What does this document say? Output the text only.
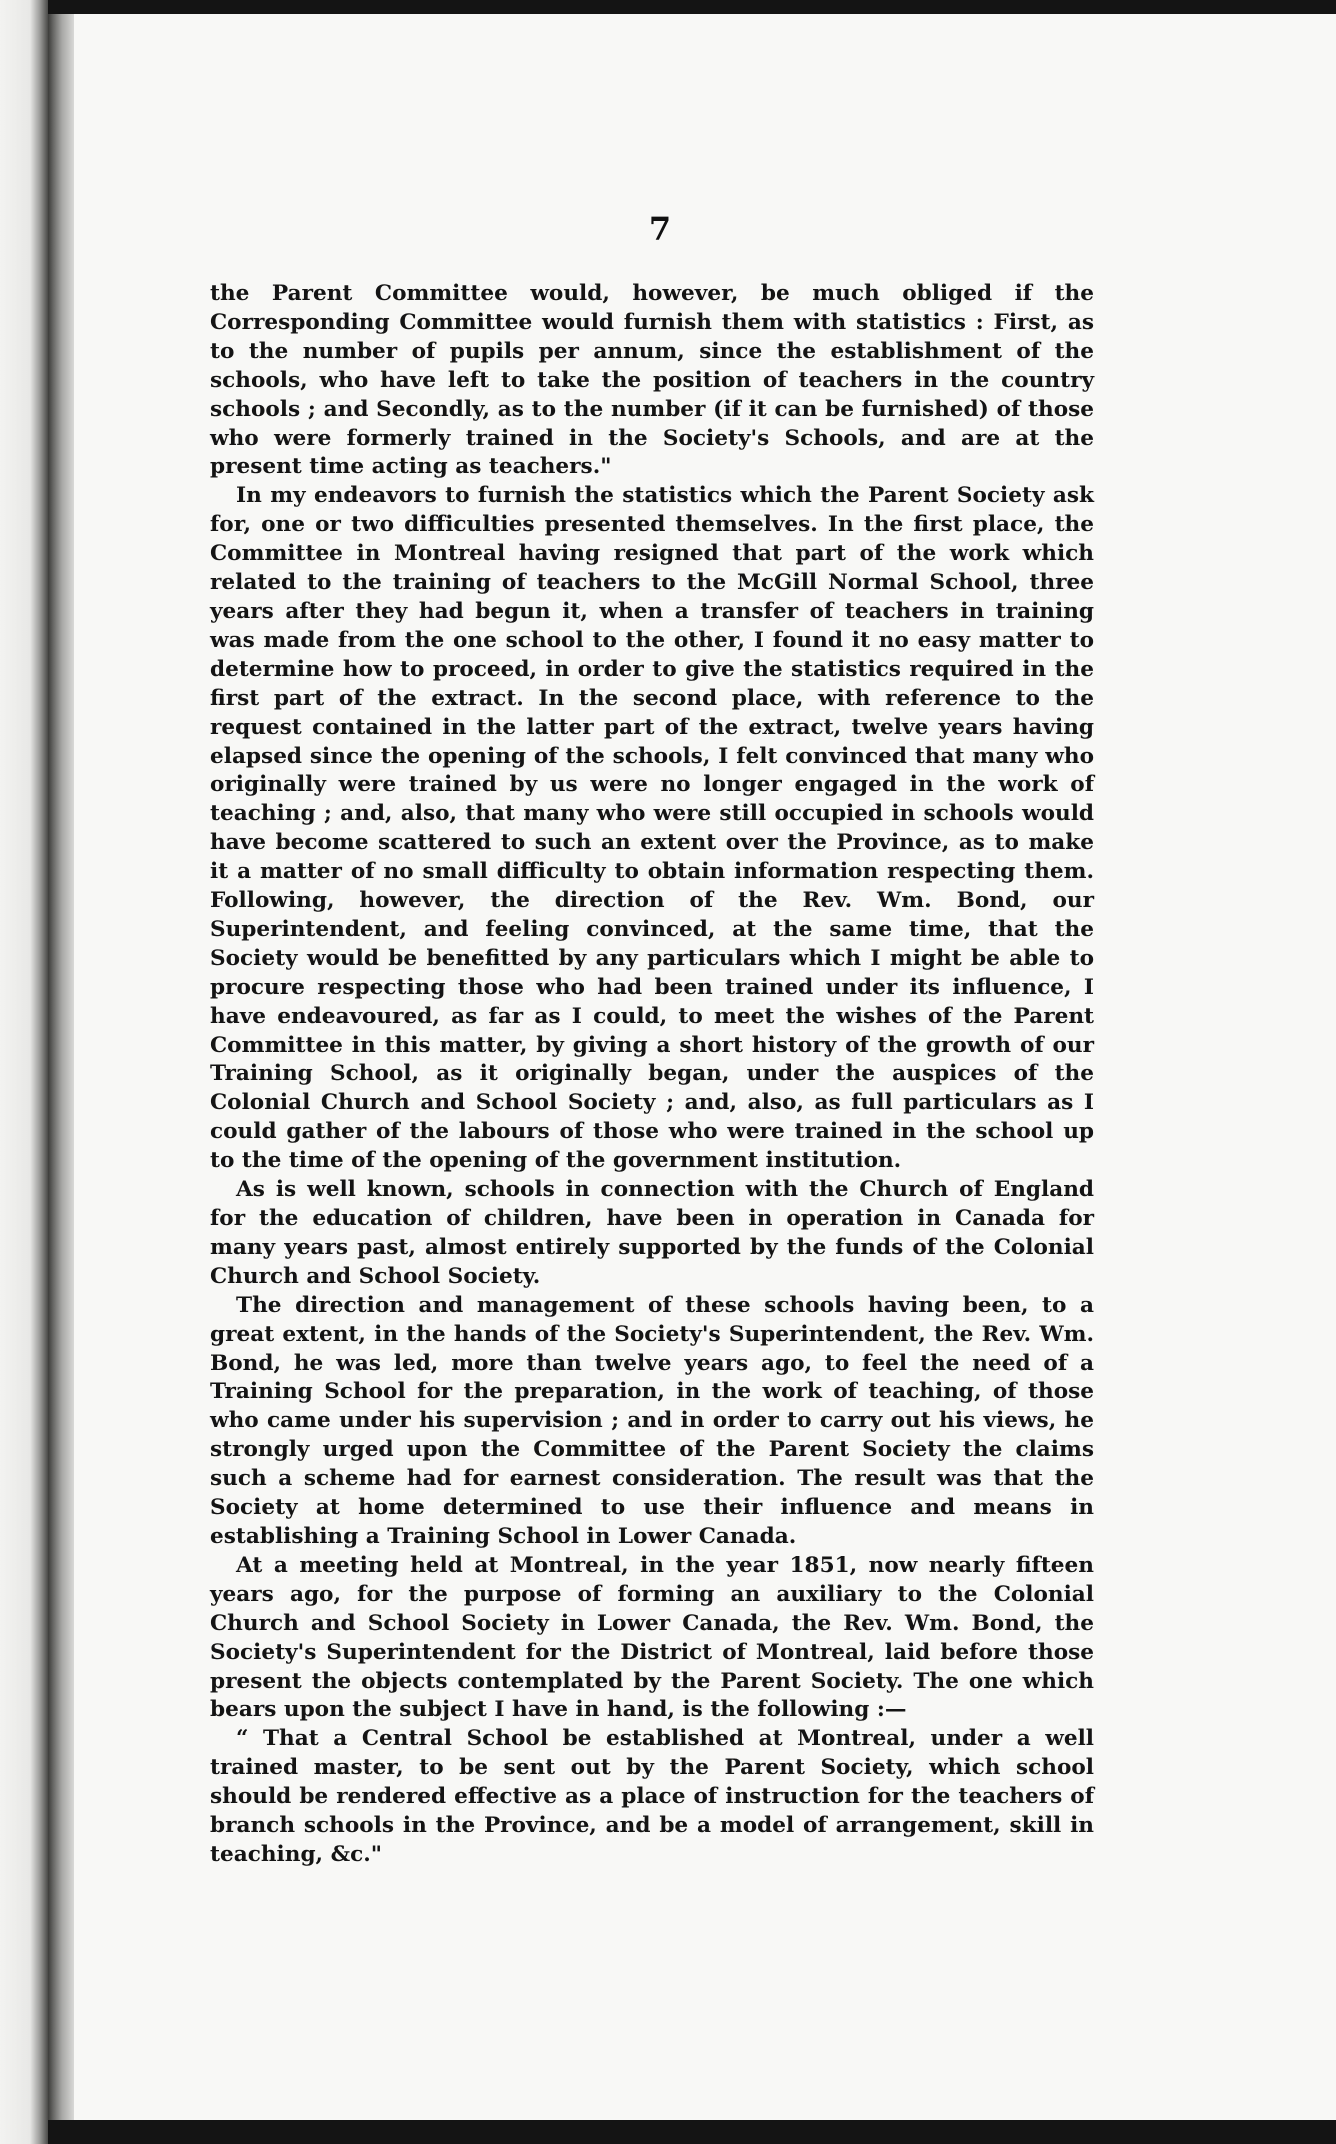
7

the Parent Committee would, however, be much obliged if the Corresponding Committee would furnish them with statistics : First, as to the number of pupils per annum, since the establishment of the schools, who have left to take the position of teachers in the country schools ; and Secondly, as to the number (if it can be furnished) of those who were formerly trained in the Society's Schools, and are at the present time acting as teachers."

In my endeavors to furnish the statistics which the Parent Society ask for, one or two difficulties presented themselves. In the first place, the Committee in Montreal having resigned that part of the work which related to the training of teachers to the McGill Normal School, three years after they had begun it, when a transfer of teachers in training was made from the one school to the other, I found it no easy matter to determine how to proceed, in order to give the statistics required in the first part of the extract. In the second place, with reference to the request contained in the latter part of the extract, twelve years having elapsed since the opening of the schools, I felt convinced that many who originally were trained by us were no longer engaged in the work of teaching ; and, also, that many who were still occupied in schools would have become scattered to such an extent over the Province, as to make it a matter of no small difficulty to obtain information respecting them. Following, however, the direction of the Rev. Wm. Bond, our Superintendent, and feeling convinced, at the same time, that the Society would be benefitted by any particulars which I might be able to procure respecting those who had been trained under its influence, I have endeavoured, as far as I could, to meet the wishes of the Parent Committee in this matter, by giving a short history of the growth of our Training School, as it originally began, under the auspices of the Colonial Church and School Society ; and, also, as full particulars as I could gather of the labours of those who were trained in the school up to the time of the opening of the government institution.

As is well known, schools in connection with the Church of England for the education of children, have been in operation in Canada for many years past, almost entirely supported by the funds of the Colonial Church and School Society.

The direction and management of these schools having been, to a great extent, in the hands of the Society's Superintendent, the Rev. Wm. Bond, he was led, more than twelve years ago, to feel the need of a Training School for the preparation, in the work of teaching, of those who came under his supervision ; and in order to carry out his views, he strongly urged upon the Committee of the Parent Society the claims such a scheme had for earnest consideration. The result was that the Society at home determined to use their influence and means in establishing a Training School in Lower Canada.

At a meeting held at Montreal, in the year 1851, now nearly fifteen years ago, for the purpose of forming an auxiliary to the Colonial Church and School Society in Lower Canada, the Rev. Wm. Bond, the Society's Superintendent for the District of Montreal, laid before those present the objects contemplated by the Parent Society. The one which bears upon the subject I have in hand, is the following :—

“ That a Central School be established at Montreal, under a well trained master, to be sent out by the Parent Society, which school should be rendered effective as a place of instruction for the teachers of branch schools in the Province, and be a model of arrangement, skill in teaching, &c."
